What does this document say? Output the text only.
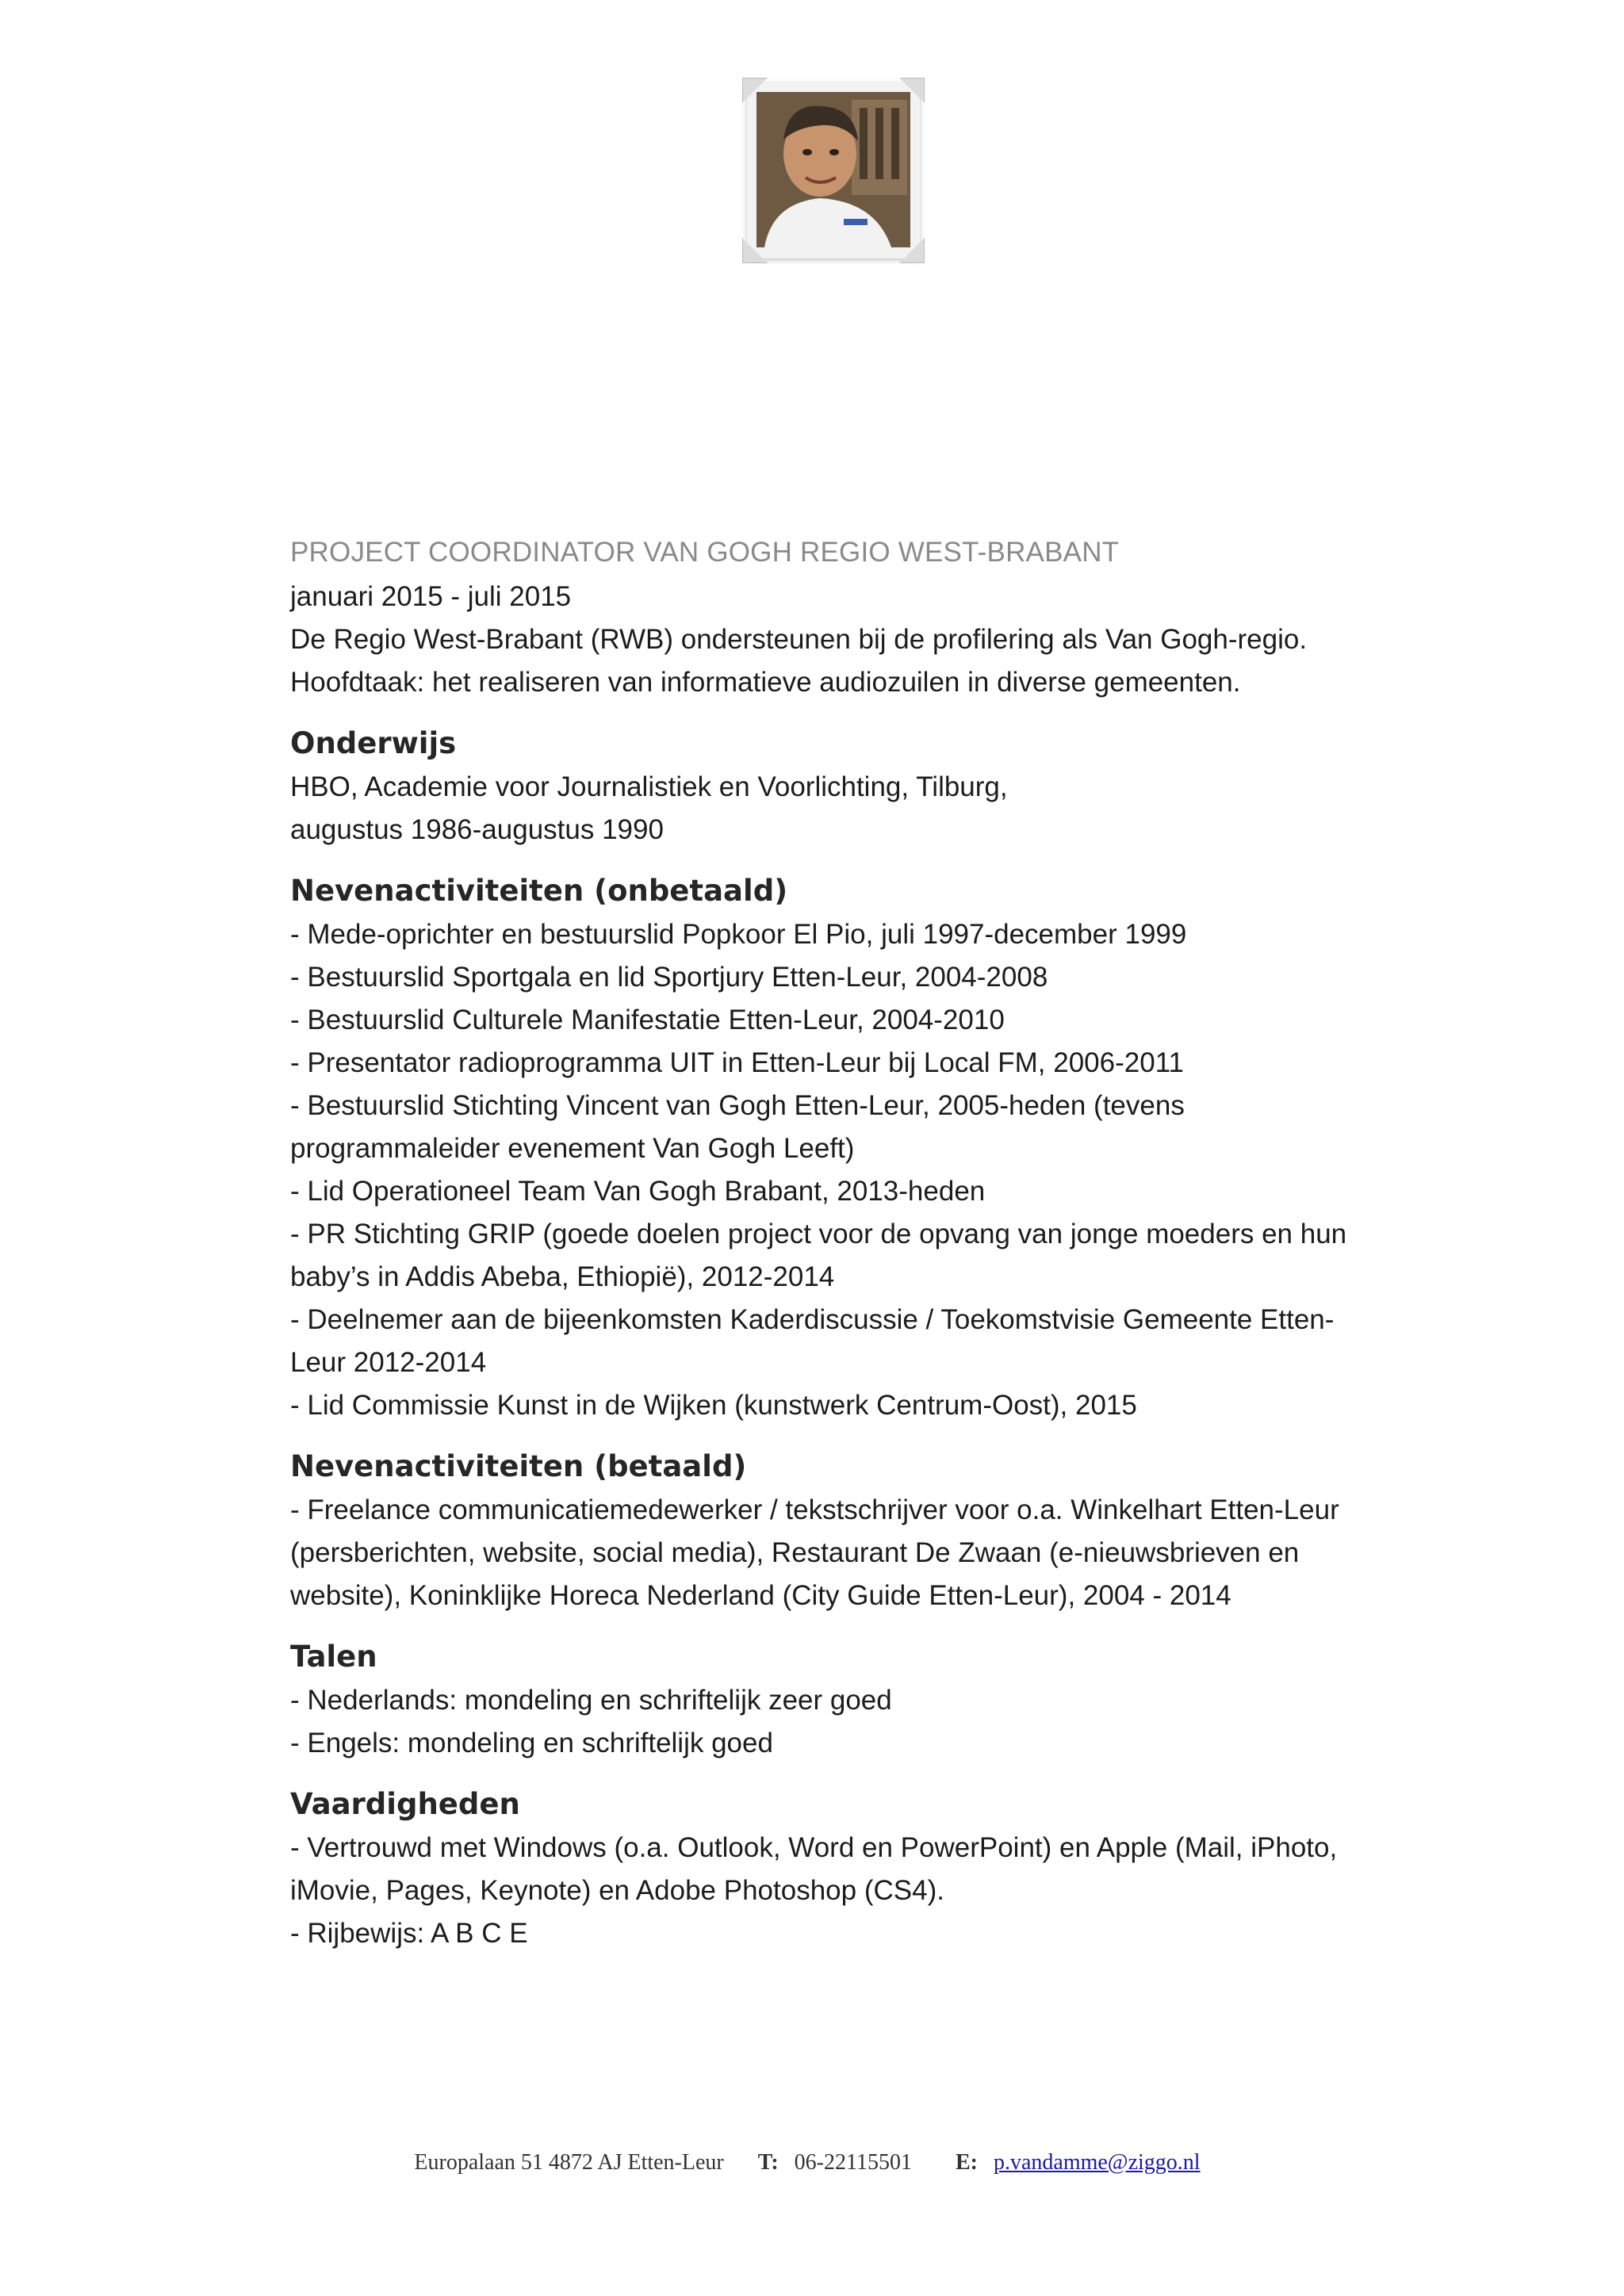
PROJECT COORDINATOR VAN GOGH REGIO WEST-BRABANT
januari 2015 - juli 2015
De Regio West-Brabant (RWB) ondersteunen bij de profilering als Van Gogh-regio.
Hoofdtaak: het realiseren van informatieve audiozuilen in diverse gemeenten.
Onderwijs
HBO, Academie voor Journalistiek en Voorlichting, Tilburg,
augustus 1986-augustus 1990
Nevenactiviteiten (onbetaald)
- Mede-oprichter en bestuurslid Popkoor El Pio, juli 1997-december 1999
- Bestuurslid Sportgala en lid Sportjury Etten-Leur, 2004-2008
- Bestuurslid Culturele Manifestatie Etten-Leur, 2004-2010
- Presentator radioprogramma UIT in Etten-Leur bij Local FM, 2006-2011
- Bestuurslid Stichting Vincent van Gogh Etten-Leur, 2005-heden (tevens programmaleider evenement Van Gogh Leeft)
- Lid Operationeel Team Van Gogh Brabant, 2013-heden
- PR Stichting GRIP (goede doelen project voor de opvang van jonge moeders en hun baby’s in Addis Abeba, Ethiopië), 2012-2014
- Deelnemer aan de bijeenkomsten Kaderdiscussie / Toekomstvisie Gemeente Etten-Leur 2012-2014
- Lid Commissie Kunst in de Wijken (kunstwerk Centrum-Oost), 2015
Nevenactiviteiten (betaald)
- Freelance communicatiemedewerker / tekstschrijver voor o.a. Winkelhart Etten-Leur (persberichten, website, social media), Restaurant De Zwaan (e-nieuwsbrieven en website), Koninklijke Horeca Nederland (City Guide Etten-Leur), 2004 - 2014
Talen
- Nederlands: mondeling en schriftelijk zeer goed
- Engels: mondeling en schriftelijk goed
Vaardigheden
- Vertrouwd met Windows (o.a. Outlook, Word en PowerPoint) en Apple (Mail, iPhoto, iMovie, Pages, Keynote) en Adobe Photoshop (CS4).
- Rijbewijs: A B C E
Europalaan 51 4872 AJ Etten-Leur T: 06-22115501 E: p.vandamme@ziggo.nl
